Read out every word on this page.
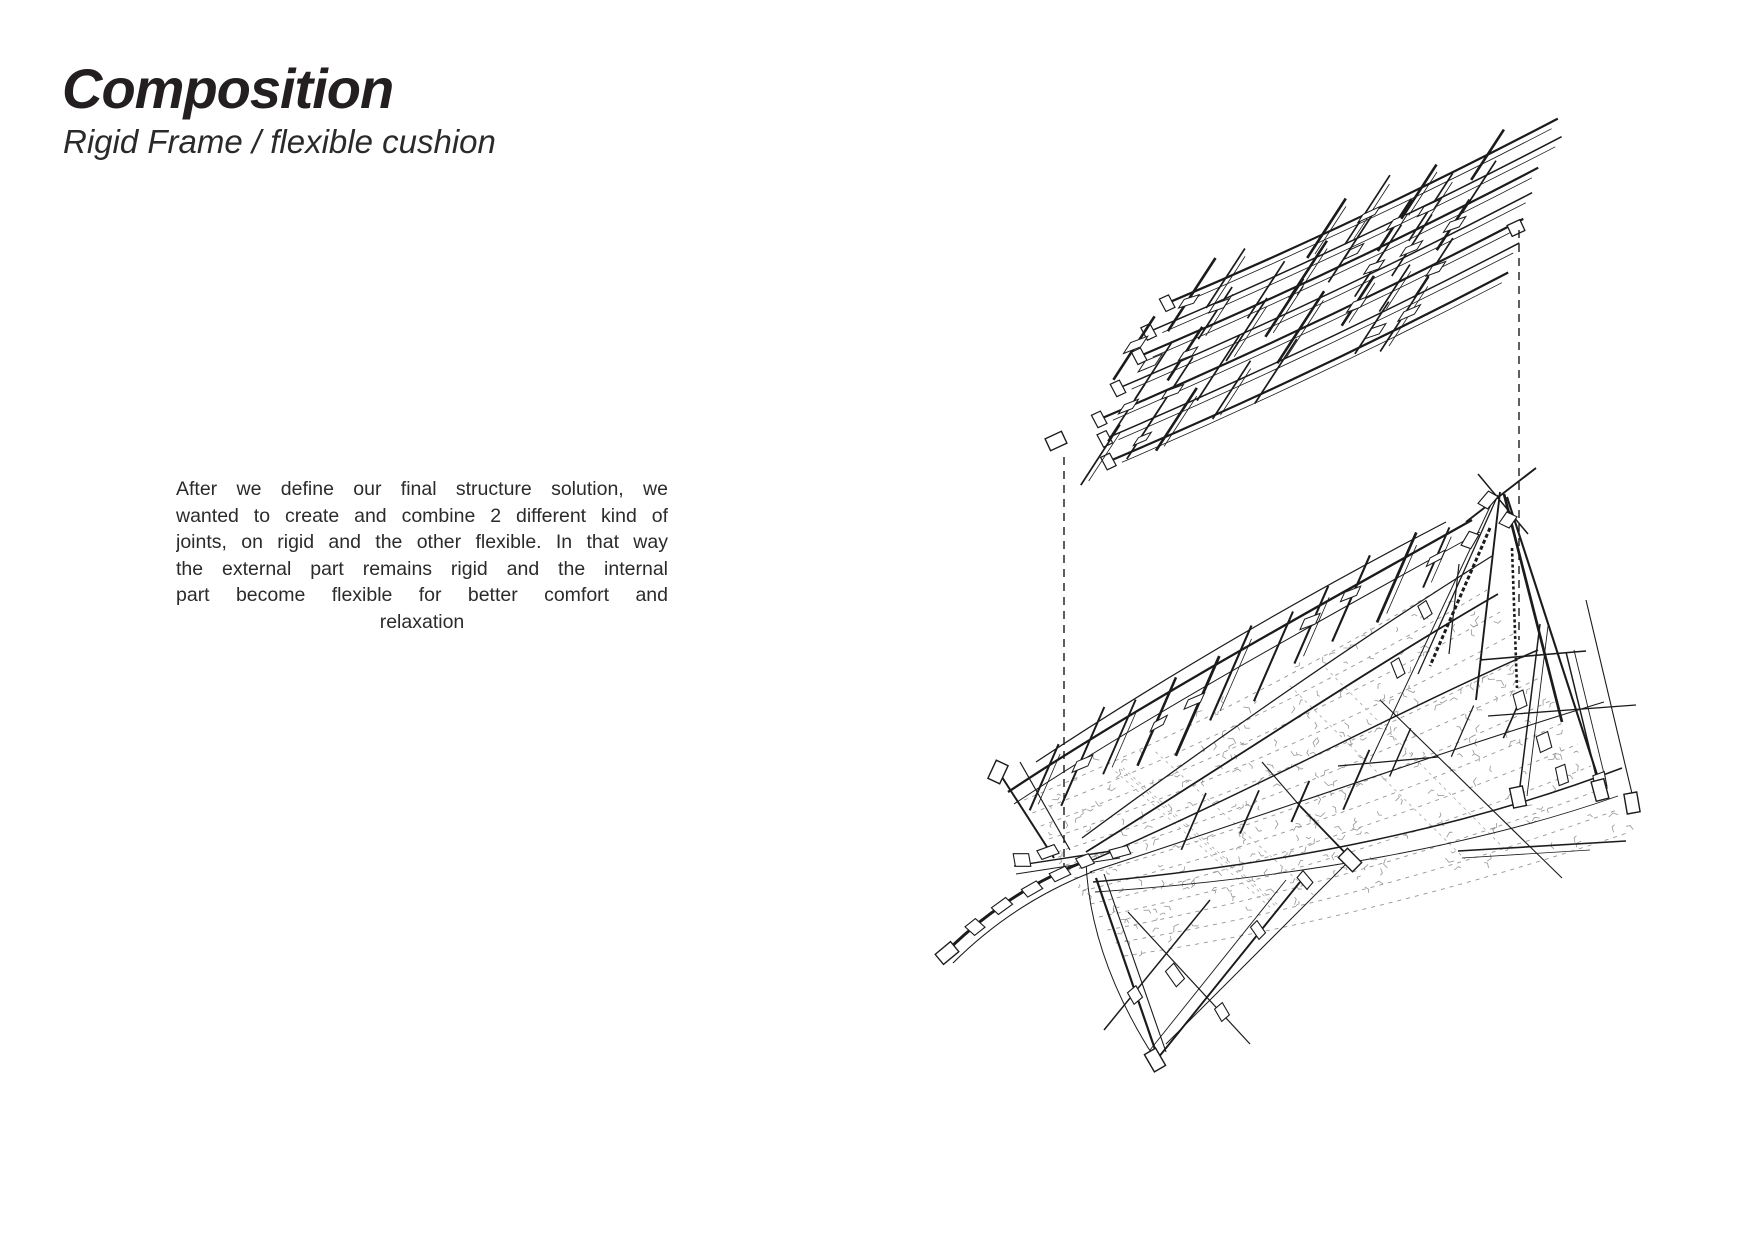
Composition
Rigid Frame / flexible cushion
After we define our final structure solution, we
wanted to create and combine 2 different kind of
joints, on rigid and the other flexible. In that way
the external part remains rigid and the internal
part become flexible for better comfort and
relaxation
